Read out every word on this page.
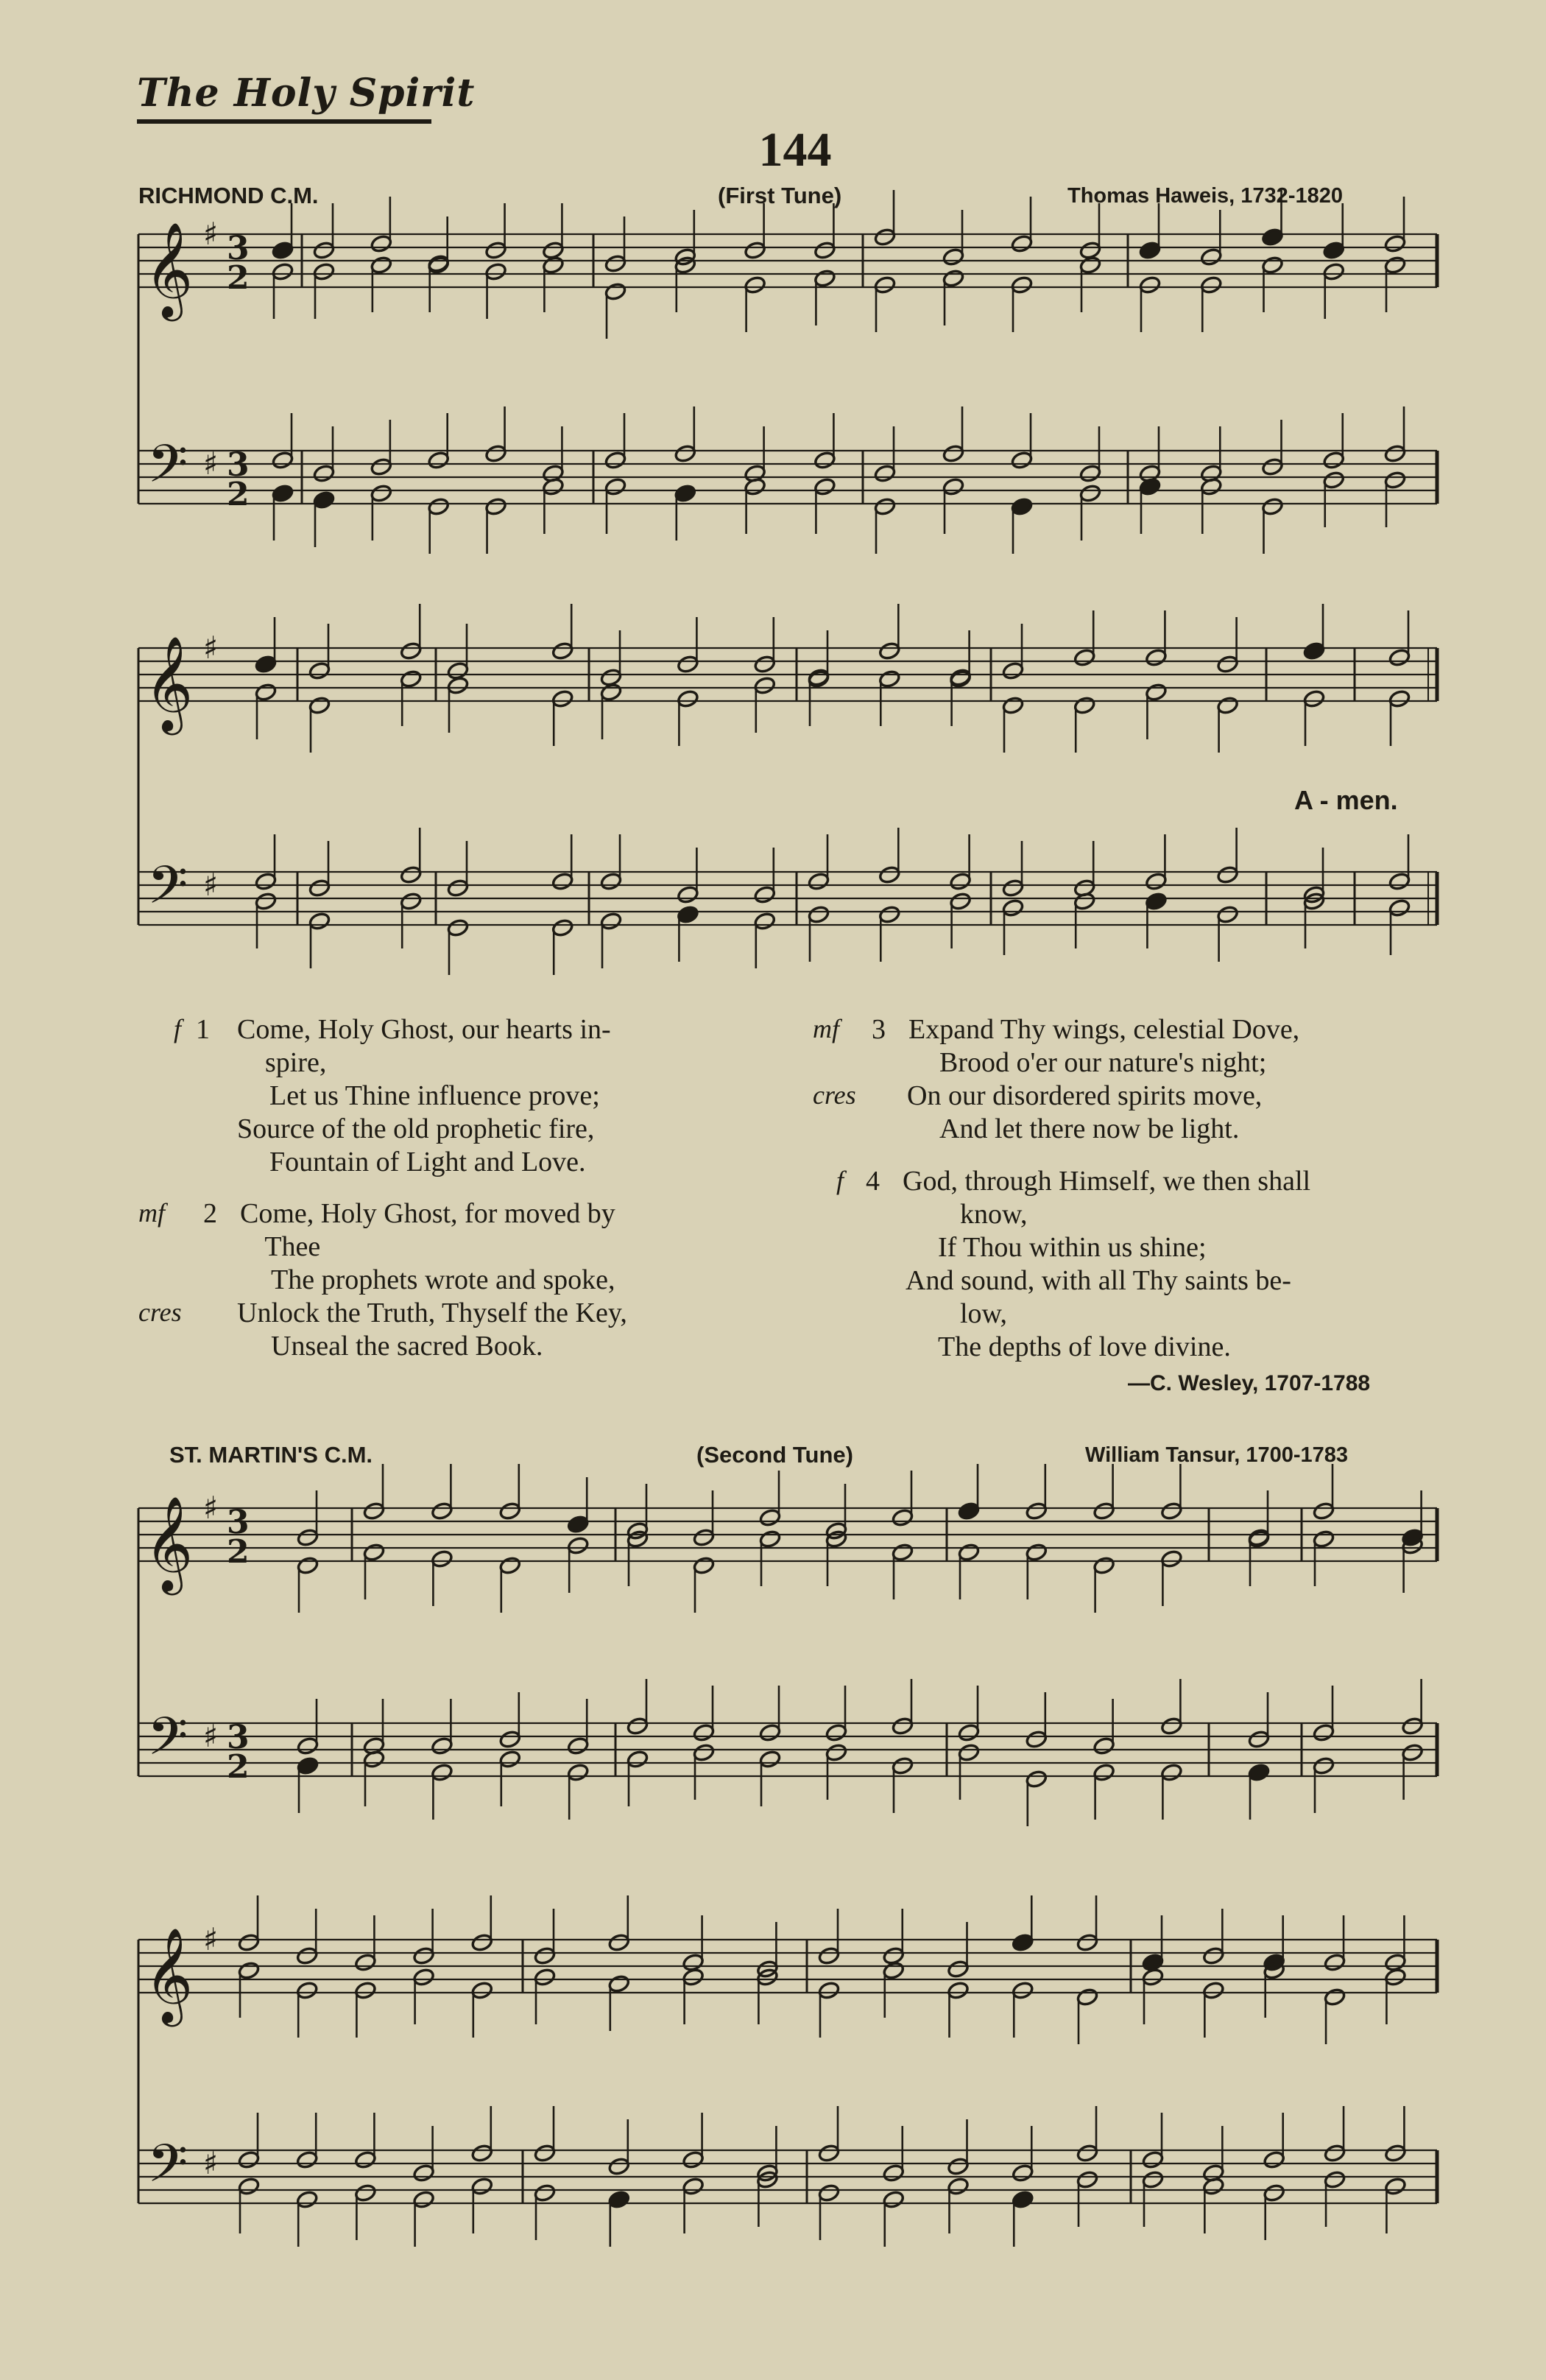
The Holy Spirit
144
RICHMOND C.M.	(First Tune)	Thomas Haweis, 1732-1820
𝄞
𝄢
♯
♯
3
2
3
2
𝄞
𝄢
♯
♯
𝄞
𝄢
♯
♯
3
2
3
2
𝄞
𝄢
♯
♯
A - men.
f 1 Come, Holy Ghost, our hearts in-
spire,
Let us Thine influence prove;
Source of the old prophetic fire,
Fountain of Light and Love.
mf 2 Come, Holy Ghost, for moved by
Thee
The prophets wrote and spoke,
cres Unlock the Truth, Thyself the Key,
Unseal the sacred Book.
mf 3 Expand Thy wings, celestial Dove,
Brood o'er our nature's night;
cres On our disordered spirits move,
And let there now be light.
f 4 God, through Himself, we then shall
know,
If Thou within us shine;
And sound, with all Thy saints be-
low,
The depths of love divine.
—C. Wesley, 1707-1788
ST. MARTIN'S C.M.	(Second Tune)	William Tansur, 1700-1783
